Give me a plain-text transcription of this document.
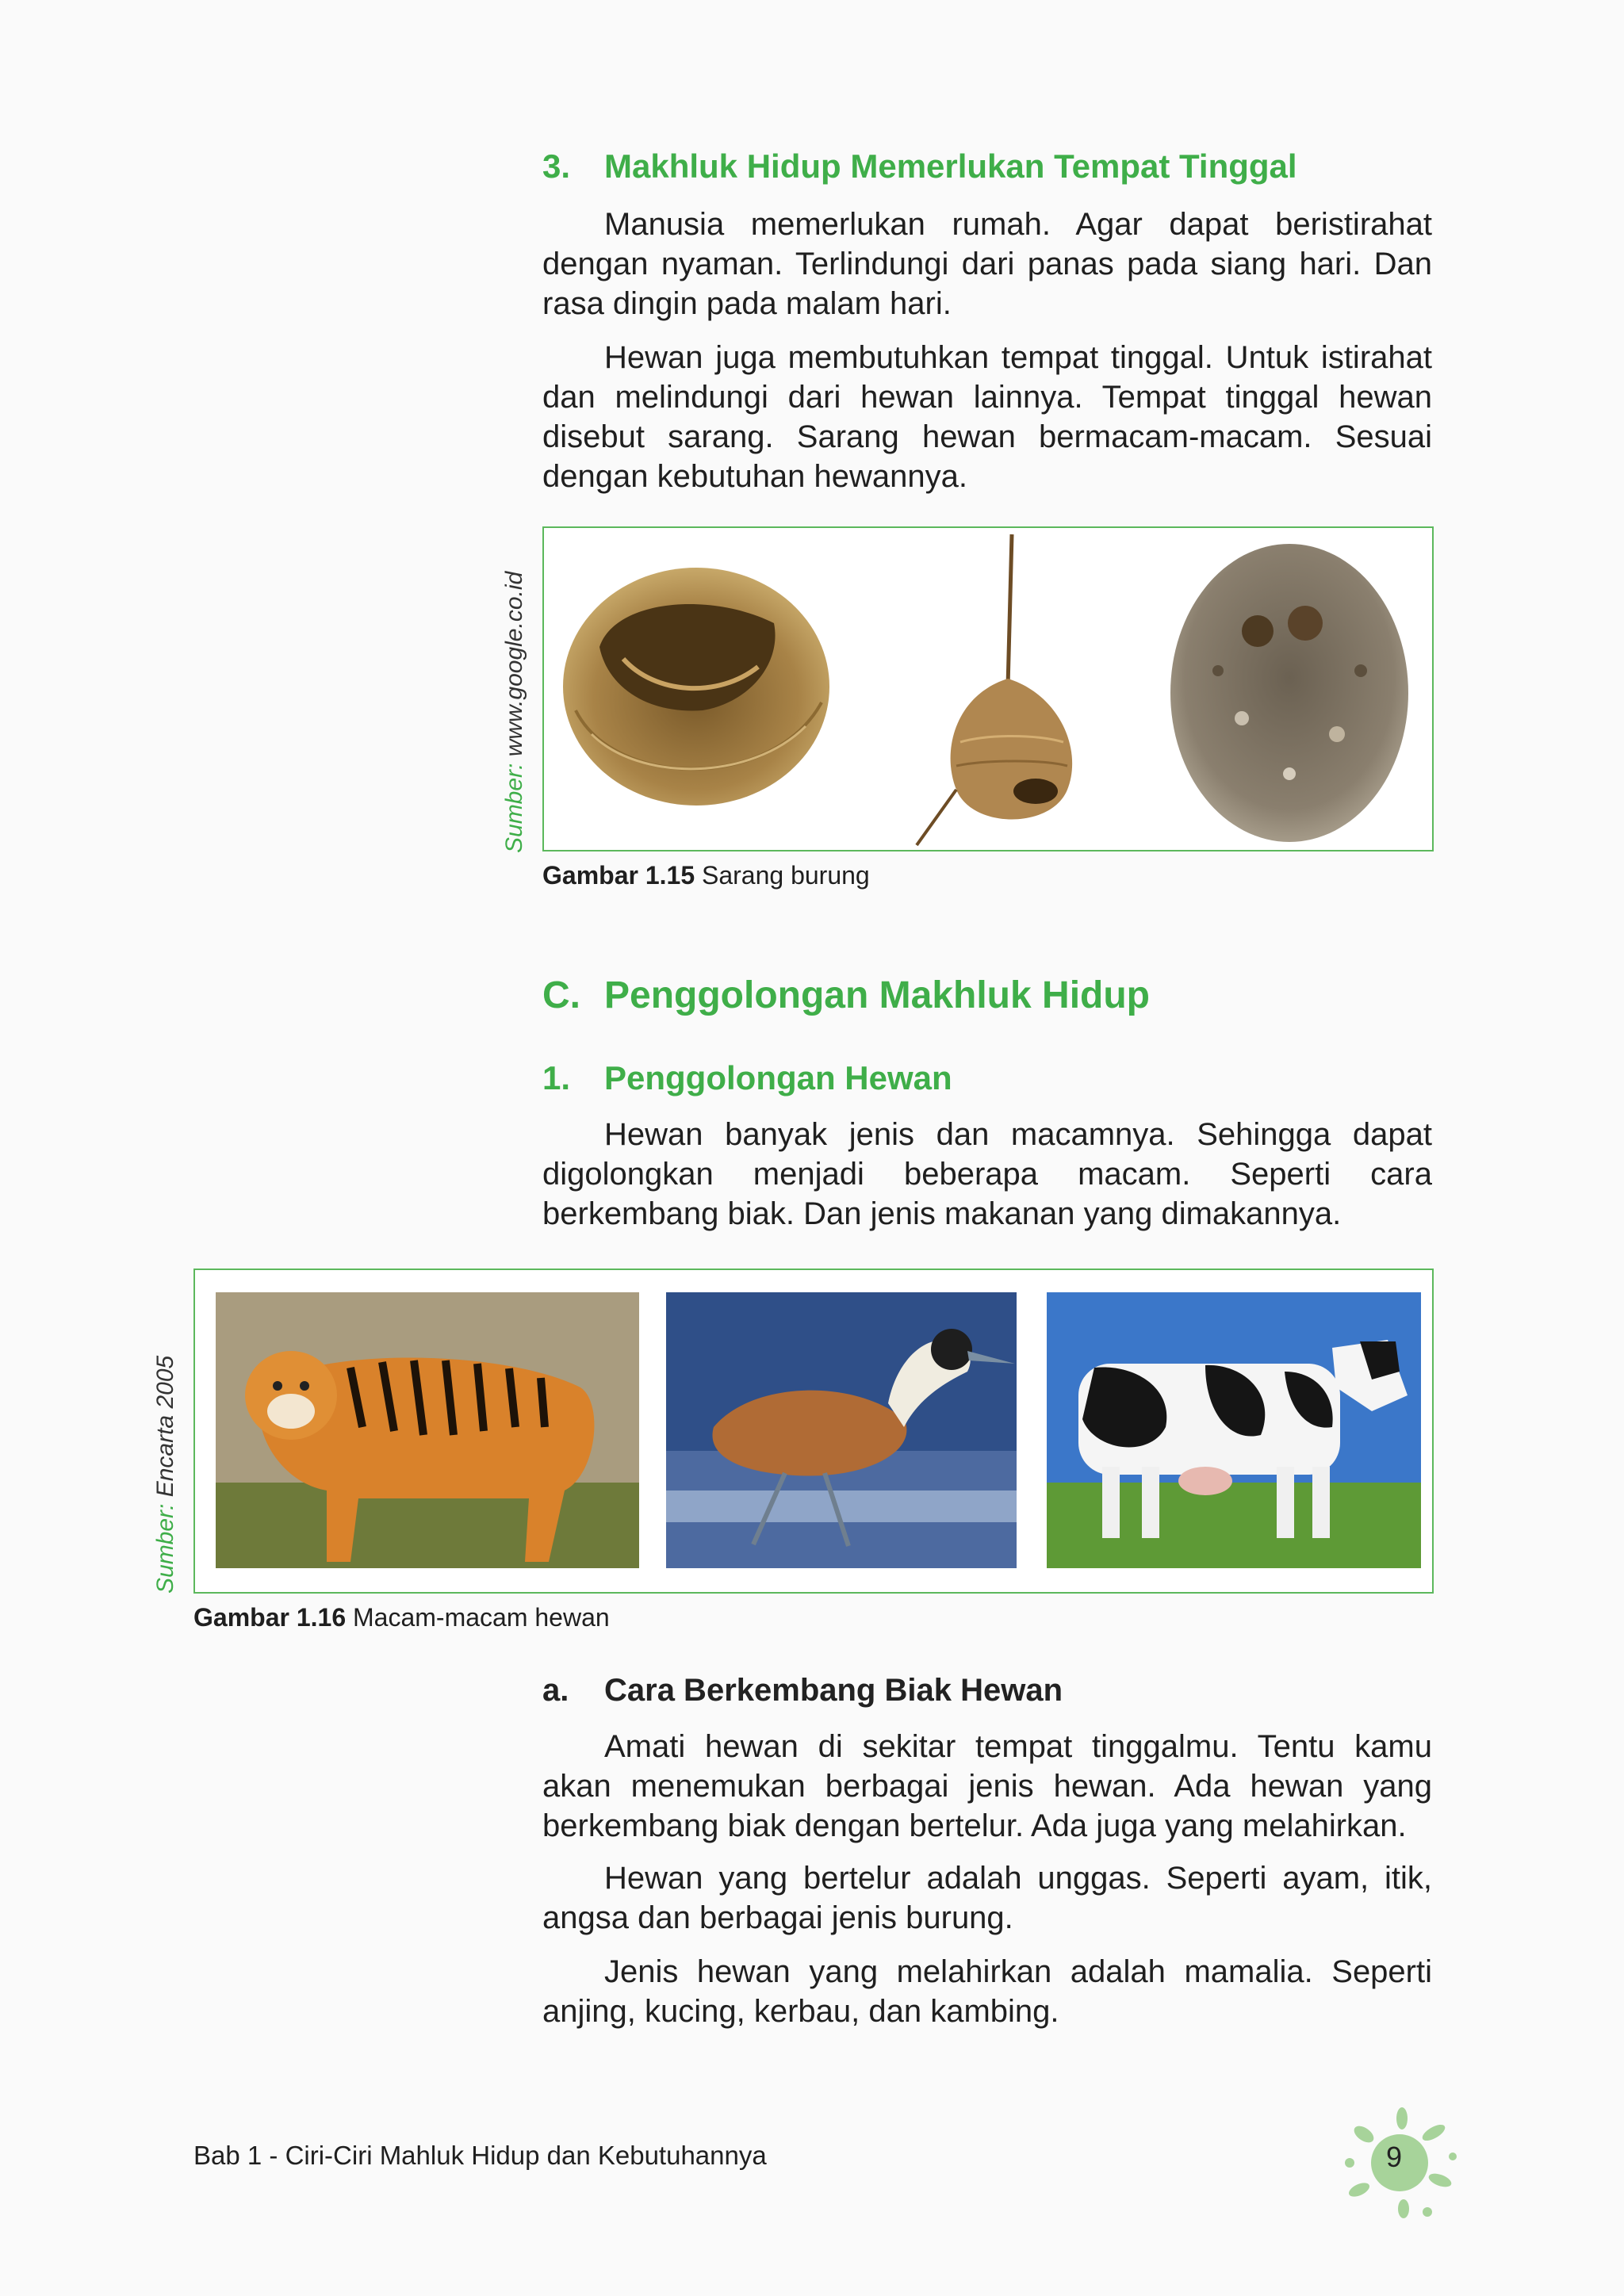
3. Makhluk Hidup Memerlukan Tempat Tinggal

Manusia memerlukan rumah. Agar dapat beristirahat dengan nyaman. Terlindungi dari panas pada siang hari. Dan rasa dingin pada malam hari.

Hewan juga membutuhkan tempat tinggal. Untuk istirahat dan melindungi dari hewan lainnya. Tempat tinggal hewan disebut sarang. Sarang hewan bermacam-macam. Sesuai dengan kebutuhan hewannya.

Sumber: www.google.co.id
Gambar 1.15 Sarang burung
C. Penggolongan Makhluk Hidup
1. Penggolongan Hewan

Hewan banyak jenis dan macamnya. Sehingga dapat digolongkan menjadi beberapa macam. Seperti cara berkembang biak. Dan jenis makanan yang dimakannya.

Sumber: Encarta 2005
Gambar 1.16 Macam-macam hewan
a. Cara Berkembang Biak Hewan

Amati hewan di sekitar tempat tinggalmu. Tentu kamu akan menemukan berbagai jenis hewan. Ada hewan yang berkembang biak dengan bertelur. Ada juga yang melahirkan.

Hewan yang bertelur adalah unggas. Seperti ayam, itik, angsa dan berbagai jenis burung.

Jenis hewan yang melahirkan adalah mamalia. Seperti anjing, kucing, kerbau, dan kambing.

Bab 1 - Ciri-Ciri Mahluk Hidup dan Kebutuhannya	9
